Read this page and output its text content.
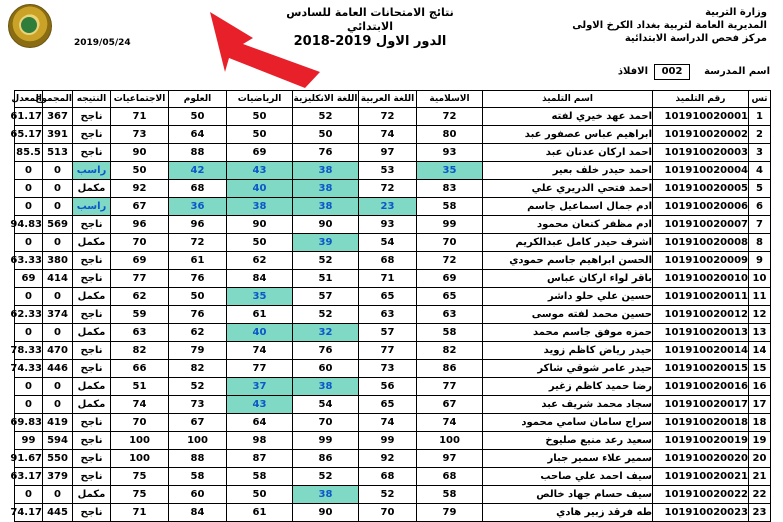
2019/05/24
نتائج الامتحانات العامة للسادس الابتدائي
2018-2019 الدور الاول
وزارة التربية
المديرية العامة لتربية بغداد الكرخ الاولى
مركز فحص الدراسة الابتدائية
اسم المدرسة
002
الافلاذ
تس	رقم التلميذ	اسم التلميذ	الاسلامية	اللغة العربية	اللغة الانكليزية	الرياضيات	العلوم	الاجتماعيات	النتيجه	المجموع	المعدل
1	101910020001	احمد عهد خيري لفته	72	72	52	50	50	71	ناجح	367	61.17
2	101910020002	ابراهيم عباس عصفور عبد	80	74	50	50	64	73	ناجح	391	65.17
3	101910020003	احمد اركان عدنان عبد	93	97	76	69	88	90	ناجح	513	85.5
4	101910020004	احمد حيدر خلف بعير	35	53	38	43	42	50	راسب	0	0
5	101910020005	احمد فتحي الدريري علي	83	72	38	40	68	92	مكمل	0	0
6	101910020006	ادم جمال اسماعيل جاسم	58	23	38	38	36	67	راسب	0	0
7	101910020007	ادم مظفر كنعان محمود	99	93	90	90	96	96	ناجح	569	94.83
8	101910020008	اشرف حيدر كامل عبدالكريم	70	54	39	50	72	70	مكمل	0	0
9	101910020009	الحسن ابراهيم جاسم حمودي	72	68	52	62	61	69	ناجح	380	63.33
10	101910020010	باقر لواء اركان عباس	69	71	51	84	76	77	ناجح	414	69
11	101910020011	حسين علي حلو داشر	65	65	57	35	50	62	مكمل	0	0
12	101910020012	حسين محمد لفته موسى	63	63	52	61	76	59	ناجح	374	62.33
13	101910020013	حمزه موفق جاسم محمد	58	57	32	40	62	63	مكمل	0	0
14	101910020014	حيدر رياض كاظم زويد	82	77	76	74	79	82	ناجح	470	78.33
15	101910020015	حيدر عامر شوقي شاكر	86	73	60	77	82	66	ناجح	446	74.33
16	101910020016	رضا حميد كاظم زغير	77	56	38	37	52	51	مكمل	0	0
17	101910020017	سجاد محمد شريف عبد	67	65	54	43	73	74	مكمل	0	0
18	101910020018	سراج سامان سامي محمود	74	74	70	64	67	70	ناجح	419	69.83
19	101910020019	سعيد رعد منيع صليوخ	100	99	99	98	100	100	ناجح	594	99
20	101910020020	سمير علاء سمير جبار	97	92	86	87	88	100	ناجح	550	91.67
21	101910020021	سيف احمد علي صاحب	68	68	52	58	58	75	ناجح	379	63.17
22	101910020022	سيف حسام جهاد خالص	58	52	38	50	60	75	مكمل	0	0
23	101910020023	طه فرقد زبير هادي	79	70	90	61	84	71	ناجح	445	74.17
